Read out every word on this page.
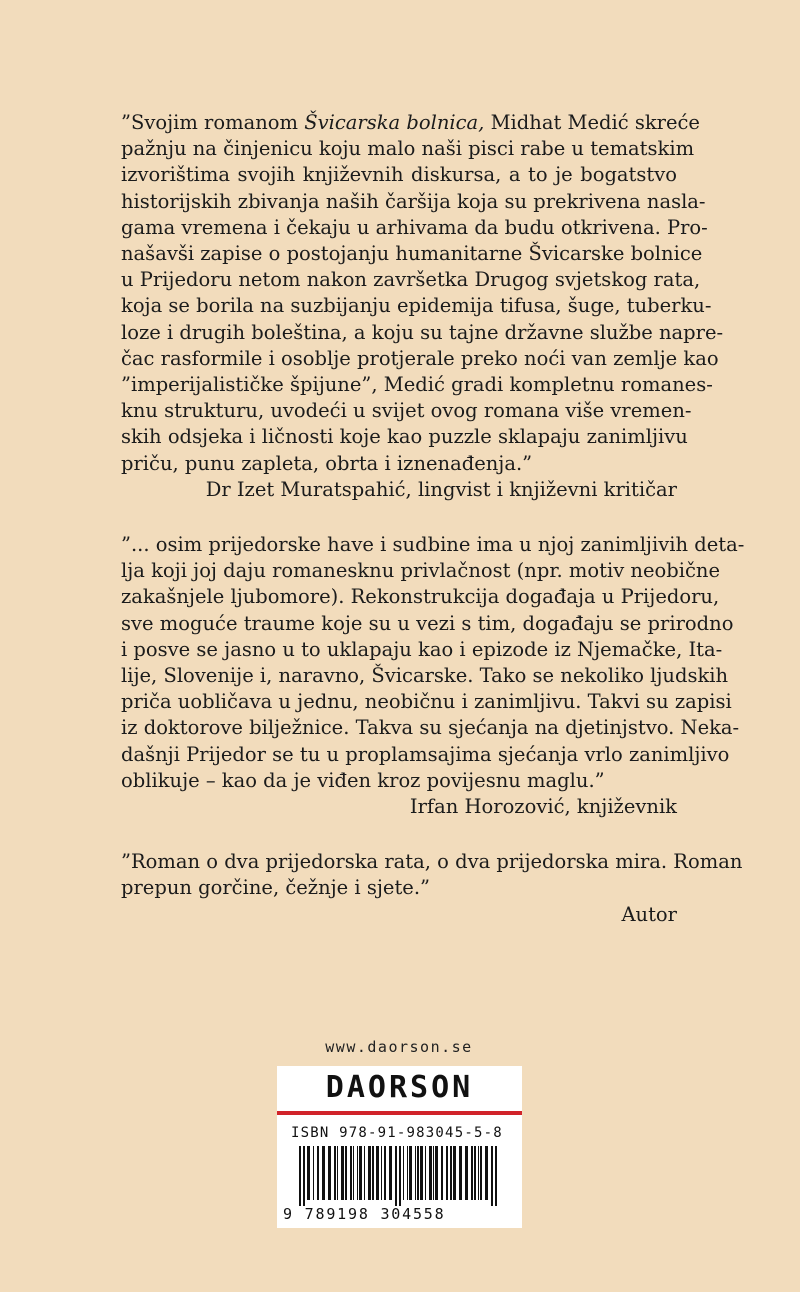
”Svojim romanom Švicarska bolnica, Midhat Medić skreće
pažnju na činjenicu koju malo naši pisci rabe u tematskim
izvorištima svojih književnih diskursa, a to je bogatstvo
historijskih zbivanja naših čaršija koja su prekrivena nasla-
gama vremena i čekaju u arhivama da budu otkrivena. Pro-
našavši zapise o postojanju humanitarne Švicarske bolnice
u Prijedoru netom nakon završetka Drugog svjetskog rata,
koja se borila na suzbijanju epidemija tifusa, šuge, tuberku-
loze i drugih boleština, a koju su tajne državne službe napre-
čac rasformile i osoblje protjerale preko noći van zemlje kao
”imperijalističke špijune”, Medić gradi kompletnu romanes-
knu strukturu, uvodeći u svijet ovog romana više vremen-
skih odsjeka i ličnosti koje kao puzzle sklapaju zanimljivu
priču, punu zapleta, obrta i iznenađenja.”
Dr Izet Muratspahić, lingvist i književni kritičar
”... osim prijedorske have i sudbine ima u njoj zanimljivih deta-
lja koji joj daju romanesknu privlačnost (npr. motiv neobične
zakašnjele ljubomore). Rekonstrukcija događaja u Prijedoru,
sve moguće traume koje su u vezi s tim, događaju se prirodno
i posve se jasno u to uklapaju kao i epizode iz Njemačke, Ita-
lije, Slovenije i, naravno, Švicarske. Tako se nekoliko ljudskih
priča uobličava u jednu, neobičnu i zanimljivu. Takvi su zapisi
iz doktorove bilježnice. Takva su sjećanja na djetinjstvo. Neka-
dašnji Prijedor se tu u proplamsajima sjećanja vrlo zanimljivo
oblikuje – kao da je viđen kroz povijesnu maglu.”
Irfan Horozović, književnik
”Roman o dva prijedorska rata, o dva prijedorska mira. Roman
prepun gorčine, čežnje i sjete.”
Autor
www.daorson.se
DAORSON
ISBN 978-91-983045-5-8
9 789198 304558
